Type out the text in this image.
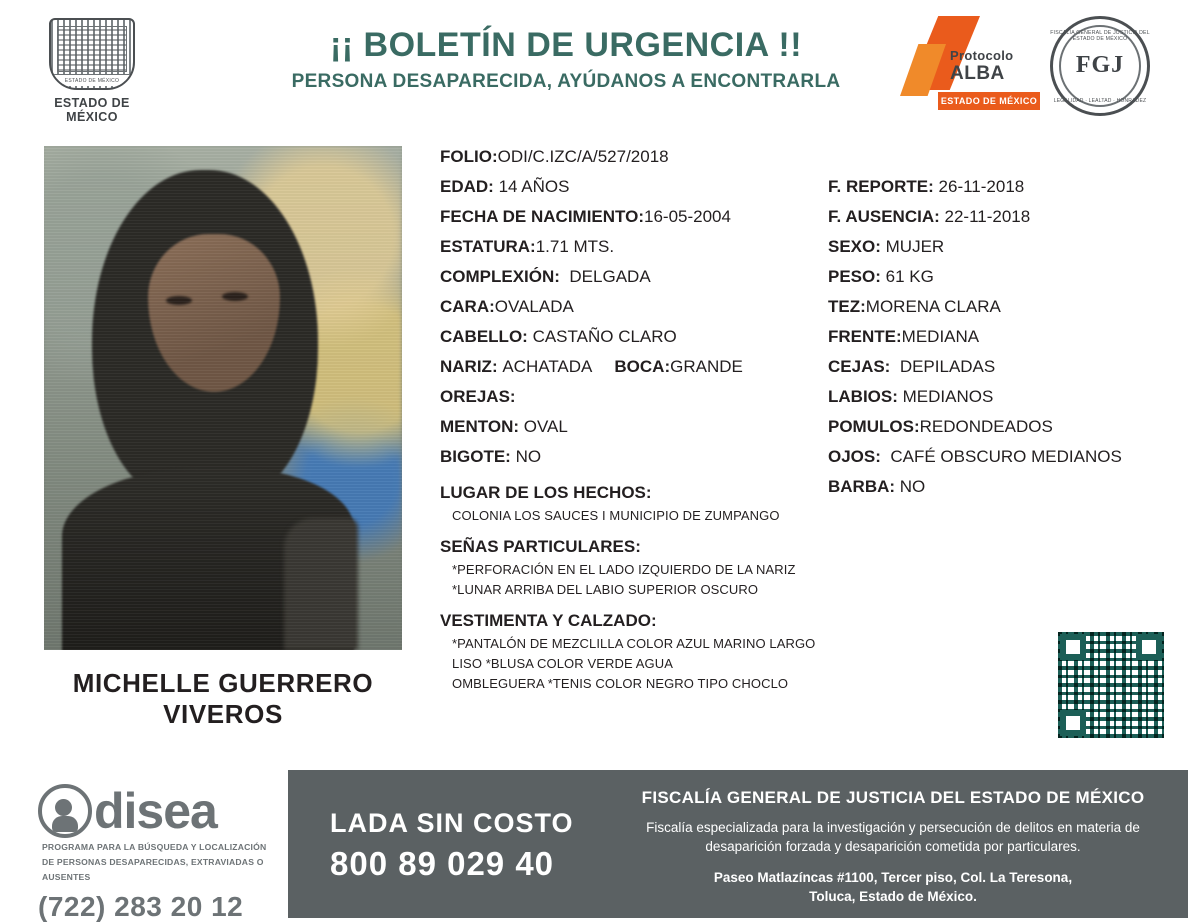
ESTADO DE MÉXICO
ESTADO DE MÉXICO
¡¡ BOLETÍN DE URGENCIA !!
PERSONA DESAPARECIDA, AYÚDANOS A ENCONTRARLA
Protocolo
ALBA
ESTADO DE MÉXICO
FISCALÍA GENERAL DE JUSTICIA DEL ESTADO DE MÉXICO
FGJ
LEGALIDAD · LEALTAD · HONRADEZ
MICHELLE GUERRERO VIVEROS
FOLIO:ODI/C.IZC/A/527/2018
EDAD: 14 AÑOS
FECHA DE NACIMIENTO:16-05-2004
ESTATURA:1.71 MTS.
COMPLEXIÓN: DELGADA
CARA:OVALADA
CABELLO: CASTAÑO CLARO
NARIZ: ACHATADA BOCA:GRANDE
OREJAS:
MENTON: OVAL
BIGOTE: NO
LUGAR DE LOS HECHOS:
COLONIA LOS SAUCES I MUNICIPIO DE ZUMPANGO
SEÑAS PARTICULARES:
*PERFORACIÓN EN EL LADO IZQUIERDO DE LA NARIZ *LUNAR ARRIBA DEL LABIO SUPERIOR OSCURO
VESTIMENTA Y CALZADO:
*PANTALÓN DE MEZCLILLA COLOR AZUL MARINO LARGO LISO *BLUSA COLOR VERDE AGUA
OMBLEGUERA *TENIS COLOR NEGRO TIPO CHOCLO
F. REPORTE: 26-11-2018
F. AUSENCIA: 22-11-2018
SEXO: MUJER
PESO: 61 KG
TEZ:MORENA CLARA
FRENTE:MEDIANA
CEJAS: DEPILADAS
LABIOS: MEDIANOS
POMULOS:REDONDEADOS
OJOS: CAFÉ OBSCURO MEDIANOS
BARBA: NO
disea
PROGRAMA PARA LA BÚSQUEDA Y LOCALIZACIÓN
DE PERSONAS DESAPARECIDAS, EXTRAVIADAS O
AUSENTES
(722) 283 20 12
LADA SIN COSTO
800 89 029 40
FISCALÍA GENERAL DE JUSTICIA DEL ESTADO DE MÉXICO
Fiscalía especializada para la investigación y persecución de delitos en materia de desaparición forzada y desaparición cometida por particulares.
Paseo Matlazíncas #1100, Tercer piso, Col. La Teresona,
Toluca, Estado de México.
